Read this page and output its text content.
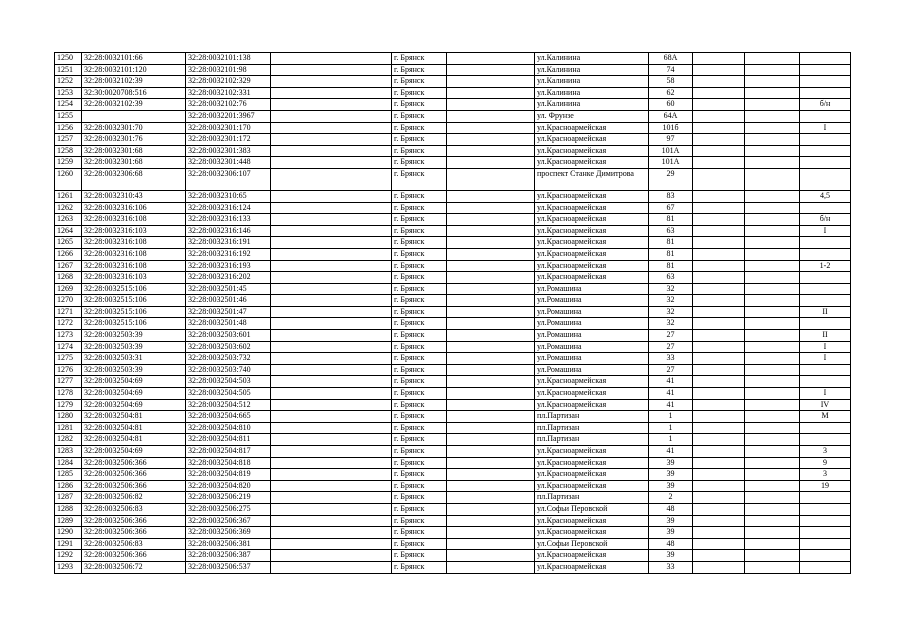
1250	32:28:0032101:66	32:28:0032101:138		г. Брянск		ул.Калинина	68А			
1251	32:28:0032101:120	32:28:0032101:98		г. Брянск		ул.Калинина	74			
1252	32:28:0032102:39	32:28:0032102:329		г. Брянск		ул.Калинина	58			
1253	32:30:0020708:516	32:28:0032102:331		г. Брянск		ул.Калинина	62			
1254	32:28:0032102:39	32:28:0032102:76		г. Брянск		ул.Калинина	60			б/н
1255		32:28:0032201:3967		г. Брянск		ул. Фрунзе	64А			
1256	32:28:0032301:70	32:28:0032301:170		г. Брянск		ул.Красноармейская	101б			I
1257	32:28:0032301:76	32:28:0032301:172		г. Брянск		ул.Красноармейская	97			
1258	32:28:0032301:68	32:28:0032301:383		г. Брянск		ул.Красноармейская	101А			
1259	32:28:0032301:68	32:28:0032301:448		г. Брянск		ул.Красноармейская	101А			
1260	32:28:0032306:68	32:28:0032306:107		г. Брянск		проспект Станке Димитрова	29			
1261	32:28:0032310:43	32:28:0032310:65		г. Брянск		ул.Красноармейская	83			4,5
1262	32:28:0032316:106	32:28:0032316:124		г. Брянск		ул.Красноармейская	67			
1263	32:28:0032316:108	32:28:0032316:133		г. Брянск		ул.Красноармейская	81			б/н
1264	32:28:0032316:103	32:28:0032316:146		г. Брянск		ул.Красноармейская	63			I
1265	32:28:0032316:108	32:28:0032316:191		г. Брянск		ул.Красноармейская	81			
1266	32:28:0032316:108	32:28:0032316:192		г. Брянск		ул.Красноармейская	81			
1267	32:28:0032316:108	32:28:0032316:193		г. Брянск		ул.Красноармейская	81			1-2
1268	32:28:0032316:103	32:28:0032316:202		г. Брянск		ул.Красноармейская	63			
1269	32:28:0032515:106	32:28:0032501:45		г. Брянск		ул.Ромашина	32			
1270	32:28:0032515:106	32:28:0032501:46		г. Брянск		ул.Ромашина	32			
1271	32:28:0032515:106	32:28:0032501:47		г. Брянск		ул.Ромашина	32			II
1272	32:28:0032515:106	32:28:0032501:48		г. Брянск		ул.Ромашина	32			
1273	32:28:0032503:39	32:28:0032503:601		г. Брянск		ул.Ромашина	27			II
1274	32:28:0032503:39	32:28:0032503:602		г. Брянск		ул.Ромашина	27			I
1275	32:28:0032503:31	32:28:0032503:732		г. Брянск		ул.Ромашина	33			I
1276	32:28:0032503:39	32:28:0032503:740		г. Брянск		ул.Ромашина	27			
1277	32:28:0032504:69	32:28:0032504:503		г. Брянск		ул.Красноармейская	41			
1278	32:28:0032504:69	32:28:0032504:505		г. Брянск		ул.Красноармейская	41			I
1279	32:28:0032504:69	32:28:0032504:512		г. Брянск		ул.Красноармейская	41			IV
1280	32:28:0032504:81	32:28:0032504:665		г. Брянск		пл.Партизан	1			M
1281	32:28:0032504:81	32:28:0032504:810		г. Брянск		пл.Партизан	1			
1282	32:28:0032504:81	32:28:0032504:811		г. Брянск		пл.Партизан	1			
1283	32:28:0032504:69	32:28:0032504:817		г. Брянск		ул.Красноармейская	41			3
1284	32:28:0032506:366	32:28:0032504:818		г. Брянск		ул.Красноармейская	39			9
1285	32:28:0032506:366	32:28:0032504:819		г. Брянск		ул.Красноармейская	39			3
1286	32:28:0032506:366	32:28:0032504:820		г. Брянск		ул.Красноармейская	39			19
1287	32:28:0032506:82	32:28:0032506:219		г. Брянск		пл.Партизан	2			
1288	32:28:0032506:83	32:28:0032506:275		г. Брянск		ул.Софьи Перовской	48			
1289	32:28:0032506:366	32:28:0032506:367		г. Брянск		ул.Красноармейская	39			
1290	32:28:0032506:366	32:28:0032506:369		г. Брянск		ул.Красноармейская	39			
1291	32:28:0032506:83	32:28:0032506:381		г. Брянск		ул.Софьи Перовской	48			
1292	32:28:0032506:366	32:28:0032506:387		г. Брянск		ул.Красноармейская	39			
1293	32:28:0032506:72	32:28:0032506:537		г. Брянск		ул.Красноармейская	33			
